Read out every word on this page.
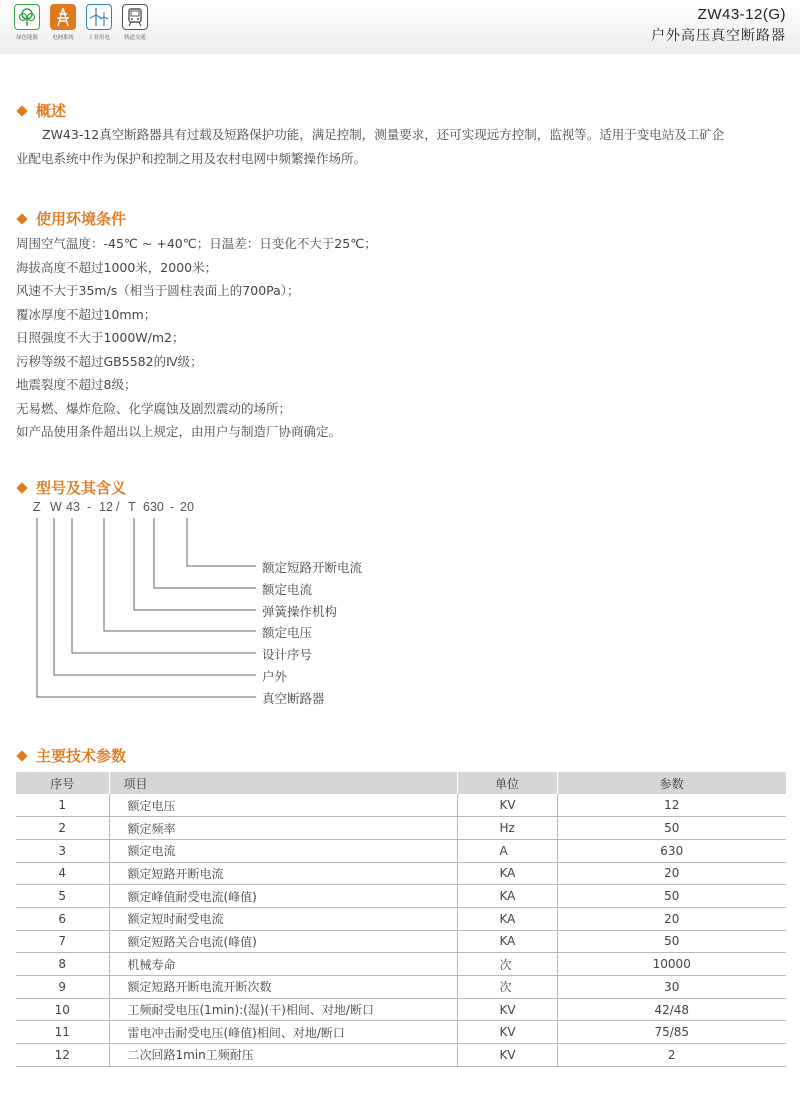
绿色能源 电网系统 工业用电 轨道交通
ZW43-12(G)
户外高压真空断路器
概述
ZW43-12真空断路器具有过载及短路保护功能，满足控制，测量要求，还可实现远方控制，监视等。适用于变电站及工矿企
业配电系统中作为保护和控制之用及农村电网中频繁操作场所。
使用环境条件
周围空气温度：-45℃ ~ +40℃；日温差：日变化不大于25℃；
海拔高度不超过1000米，2000米；
风速不大于35m/s（相当于圆柱表面上的700Pa）；
覆冰厚度不超过10mm；
日照强度不大于1000W/m2；
污秽等级不超过GB5582的Ⅳ级；
地震裂度不超过8级；
无易燃、爆炸危险、化学腐蚀及剧烈震动的场所；
如产品使用条件超出以上规定，由用户与制造厂协商确定。
型号及其含义
Z W 43 - 12 / T 630 - 20
额定短路开断电流
额定电流
弹簧操作机构
额定电压
设计序号
户外
真空断路器
主要技术参数
序号	项目	单位	参数
1	额定电压	KV	12
2	额定频率	Hz	50
3	额定电流	A	630
4	额定短路开断电流	KA	20
5	额定峰值耐受电流(峰值)	KA	50
6	额定短时耐受电流	KA	20
7	额定短路关合电流(峰值)	KA	50
8	机械寿命	次	10000
9	额定短路开断电流开断次数	次	30
10	工频耐受电压(1min):(湿)(干)相间、对地/断口	KV	42/48
11	雷电冲击耐受电压(峰值)相间、对地/断口	KV	75/85
12	二次回路1min工频耐压	KV	2
